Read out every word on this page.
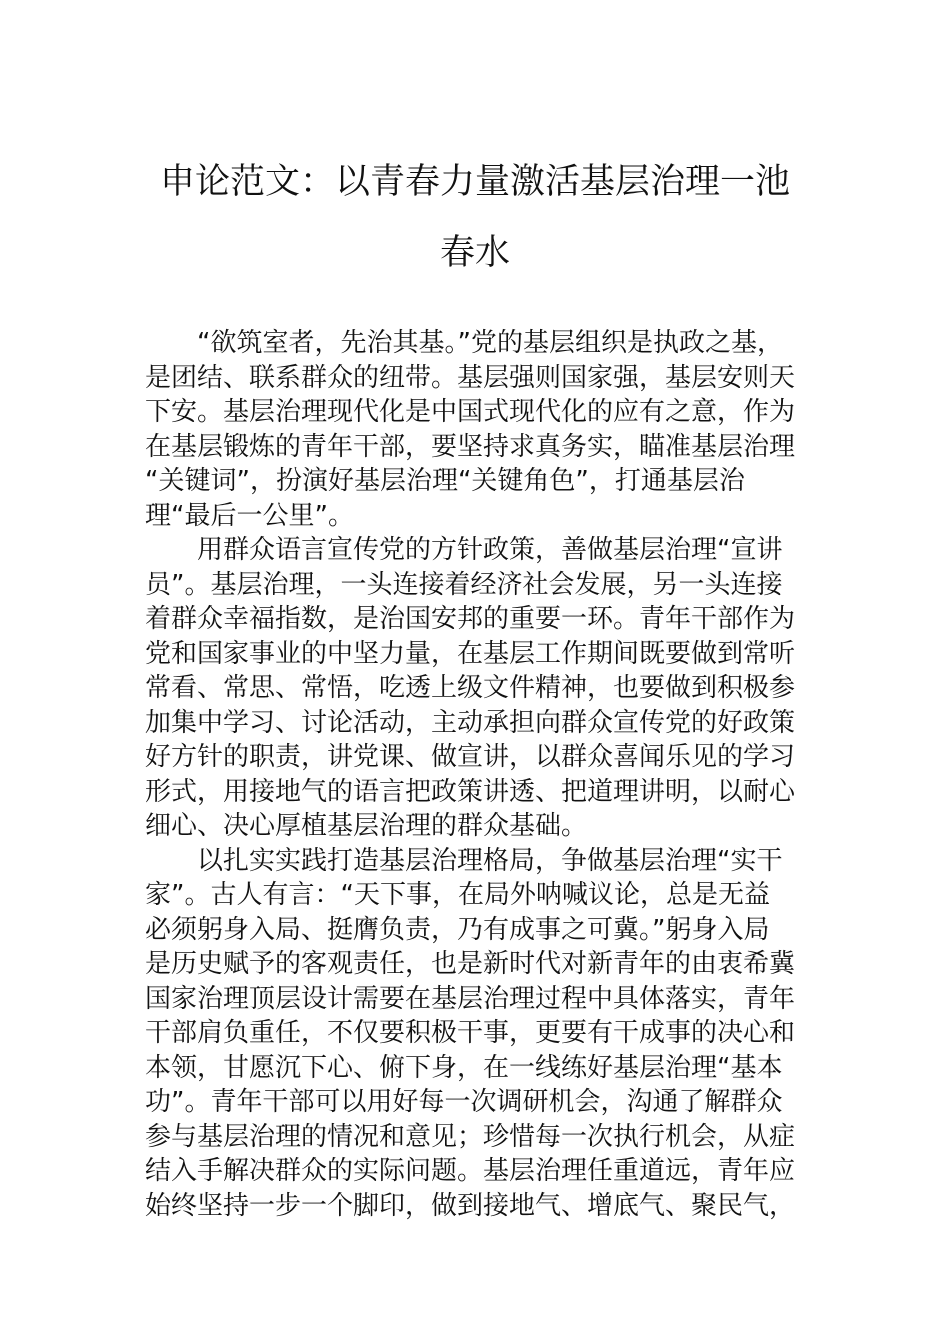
申论范文：以青春力量激活基层治理一池
春水
“欲筑室者，先治其基。”党的基层组织是执政之基，
是团结、联系群众的纽带。基层强则国家强，基层安则天
下安。基层治理现代化是中国式现代化的应有之意，作为
在基层锻炼的青年干部，要坚持求真务实，瞄准基层治理
“关键词”，扮演好基层治理“关键角色”，打通基层治
理“最后一公里”。
用群众语言宣传党的方针政策，善做基层治理“宣讲
员”。基层治理，一头连接着经济社会发展，另一头连接
着群众幸福指数，是治国安邦的重要一环。青年干部作为
党和国家事业的中坚力量，在基层工作期间既要做到常听
常看、常思、常悟，吃透上级文件精神，也要做到积极参
加集中学习、讨论活动，主动承担向群众宣传党的好政策
好方针的职责，讲党课、做宣讲，以群众喜闻乐见的学习
形式，用接地气的语言把政策讲透、把道理讲明，以耐心
细心、决心厚植基层治理的群众基础。
以扎实实践打造基层治理格局，争做基层治理“实干
家”。古人有言：“天下事，在局外呐喊议论，总是无益
必须躬身入局、挺膺负责，乃有成事之可冀。”躬身入局
是历史赋予的客观责任，也是新时代对新青年的由衷希冀
国家治理顶层设计需要在基层治理过程中具体落实，青年
干部肩负重任，不仅要积极干事，更要有干成事的决心和
本领，甘愿沉下心、俯下身，在一线练好基层治理“基本
功”。青年干部可以用好每一次调研机会，沟通了解群众
参与基层治理的情况和意见；珍惜每一次执行机会，从症
结入手解决群众的实际问题。基层治理任重道远，青年应
始终坚持一步一个脚印，做到接地气、增底气、聚民气，
